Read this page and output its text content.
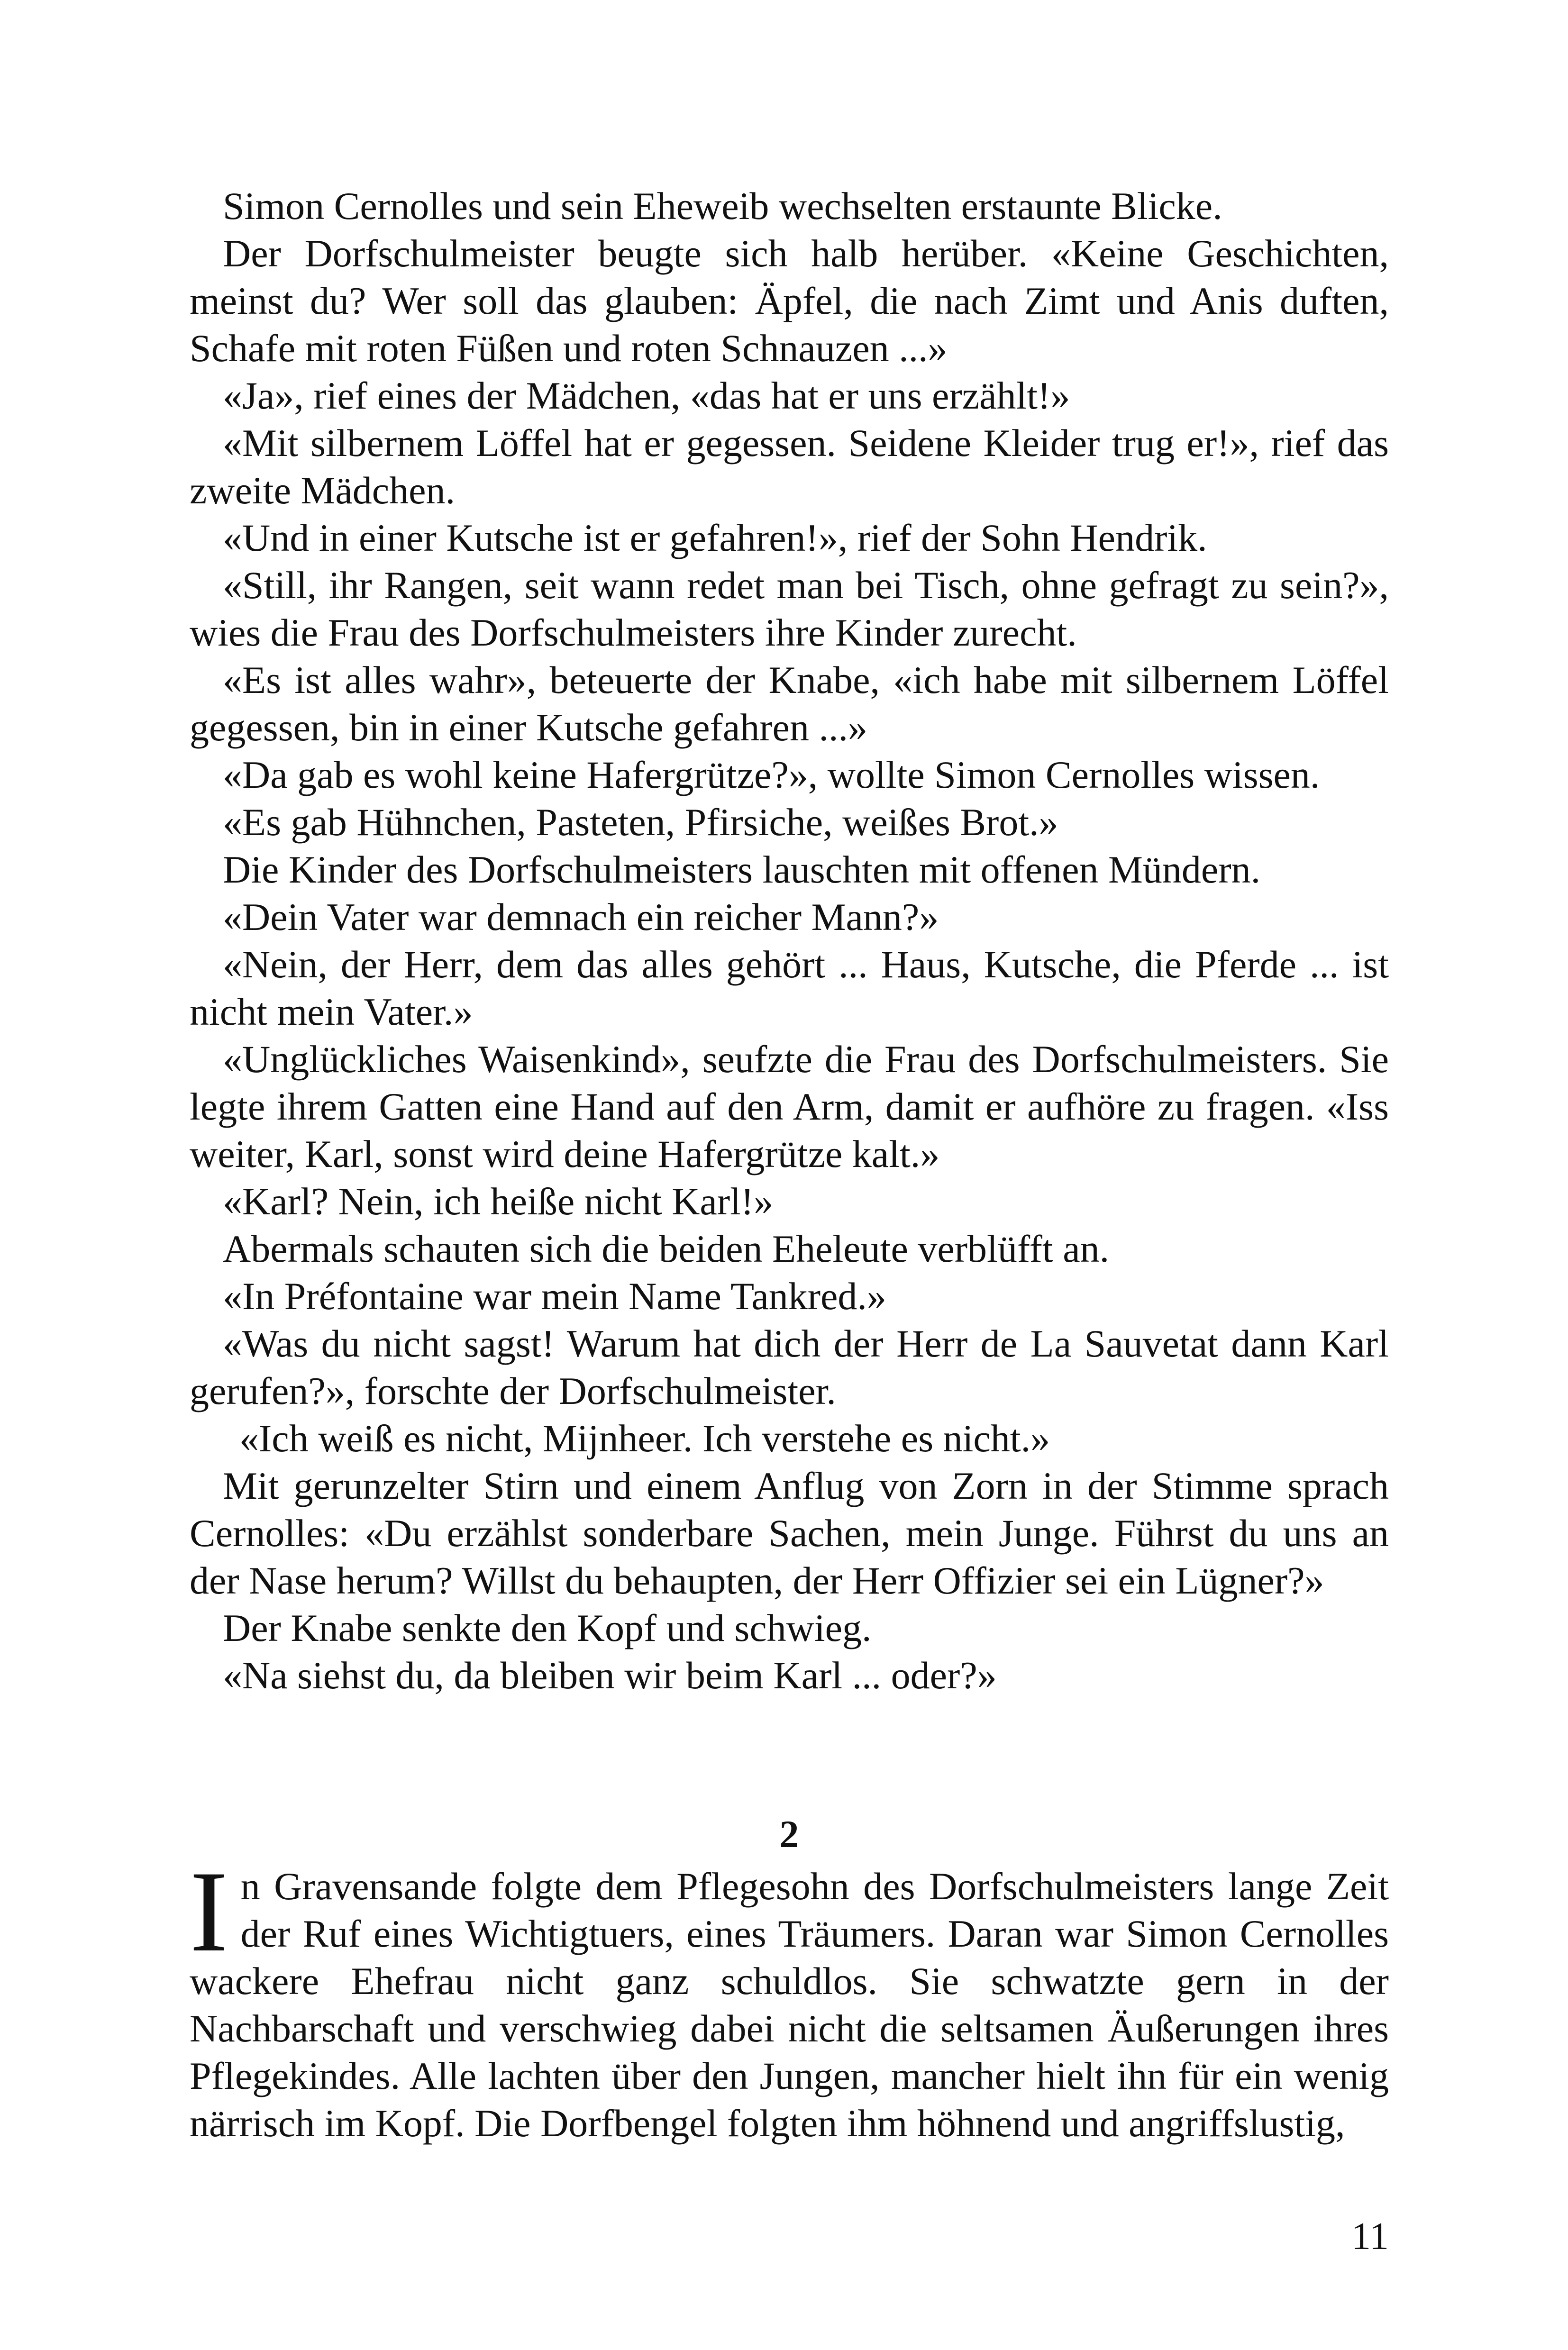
Simon Cernolles und sein Eheweib wechselten erstaunte Blicke.

Der Dorfschulmeister beugte sich halb herüber. «Keine Geschichten, meinst du? Wer soll das glauben: Äpfel, die nach Zimt und Anis duften, Schafe mit roten Füßen und roten Schnauzen ...»

«Ja», rief eines der Mädchen, «das hat er uns erzählt!»

«Mit silbernem Löffel hat er gegessen. Seidene Kleider trug er!», rief das zweite Mädchen.

«Und in einer Kutsche ist er gefahren!», rief der Sohn Hendrik.

«Still, ihr Rangen, seit wann redet man bei Tisch, ohne gefragt zu sein?», wies die Frau des Dorfschulmeisters ihre Kinder zurecht.

«Es ist alles wahr», beteuerte der Knabe, «ich habe mit silbernem Löffel gegessen, bin in einer Kutsche gefahren ...»

«Da gab es wohl keine Hafergrütze?», wollte Simon Cernolles wissen.

«Es gab Hühnchen, Pasteten, Pfirsiche, weißes Brot.»

Die Kinder des Dorfschulmeisters lauschten mit offenen Mündern.

«Dein Vater war demnach ein reicher Mann?»

«Nein, der Herr, dem das alles gehört ... Haus, Kutsche, die Pferde ... ist nicht mein Vater.»

«Unglückliches Waisenkind», seufzte die Frau des Dorfschulmeisters. Sie legte ihrem Gatten eine Hand auf den Arm, damit er aufhöre zu fragen. «Iss weiter, Karl, sonst wird deine Hafergrütze kalt.»

«Karl? Nein, ich heiße nicht Karl!»

Abermals schauten sich die beiden Eheleute verblüfft an.

«In Préfontaine war mein Name Tankred.»

«Was du nicht sagst! Warum hat dich der Herr de La Sauvetat dann Karl gerufen?», forschte der Dorfschulmeister.

«Ich weiß es nicht, Mijnheer. Ich verstehe es nicht.»

Mit gerunzelter Stirn und einem Anflug von Zorn in der Stimme sprach Cernolles: «Du erzählst sonderbare Sachen, mein Junge. Führst du uns an der Nase herum? Willst du behaupten, der Herr Offizier sei ein Lügner?»

Der Knabe senkte den Kopf und schwieg.

«Na siehst du, da bleiben wir beim Karl ... oder?»

2

In Gravensande folgte dem Pflegesohn des Dorfschulmeisters lange Zeit der Ruf eines Wichtigtuers, eines Träumers. Daran war Simon Cernolles wackere Ehefrau nicht ganz schuldlos. Sie schwatzte gern in der Nachbarschaft und verschwieg dabei nicht die seltsamen Äußerungen ihres Pflegekindes. Alle lachten über den Jungen, mancher hielt ihn für ein wenig närrisch im Kopf. Die Dorfbengel folgten ihm höhnend und angriffslustig,

11
